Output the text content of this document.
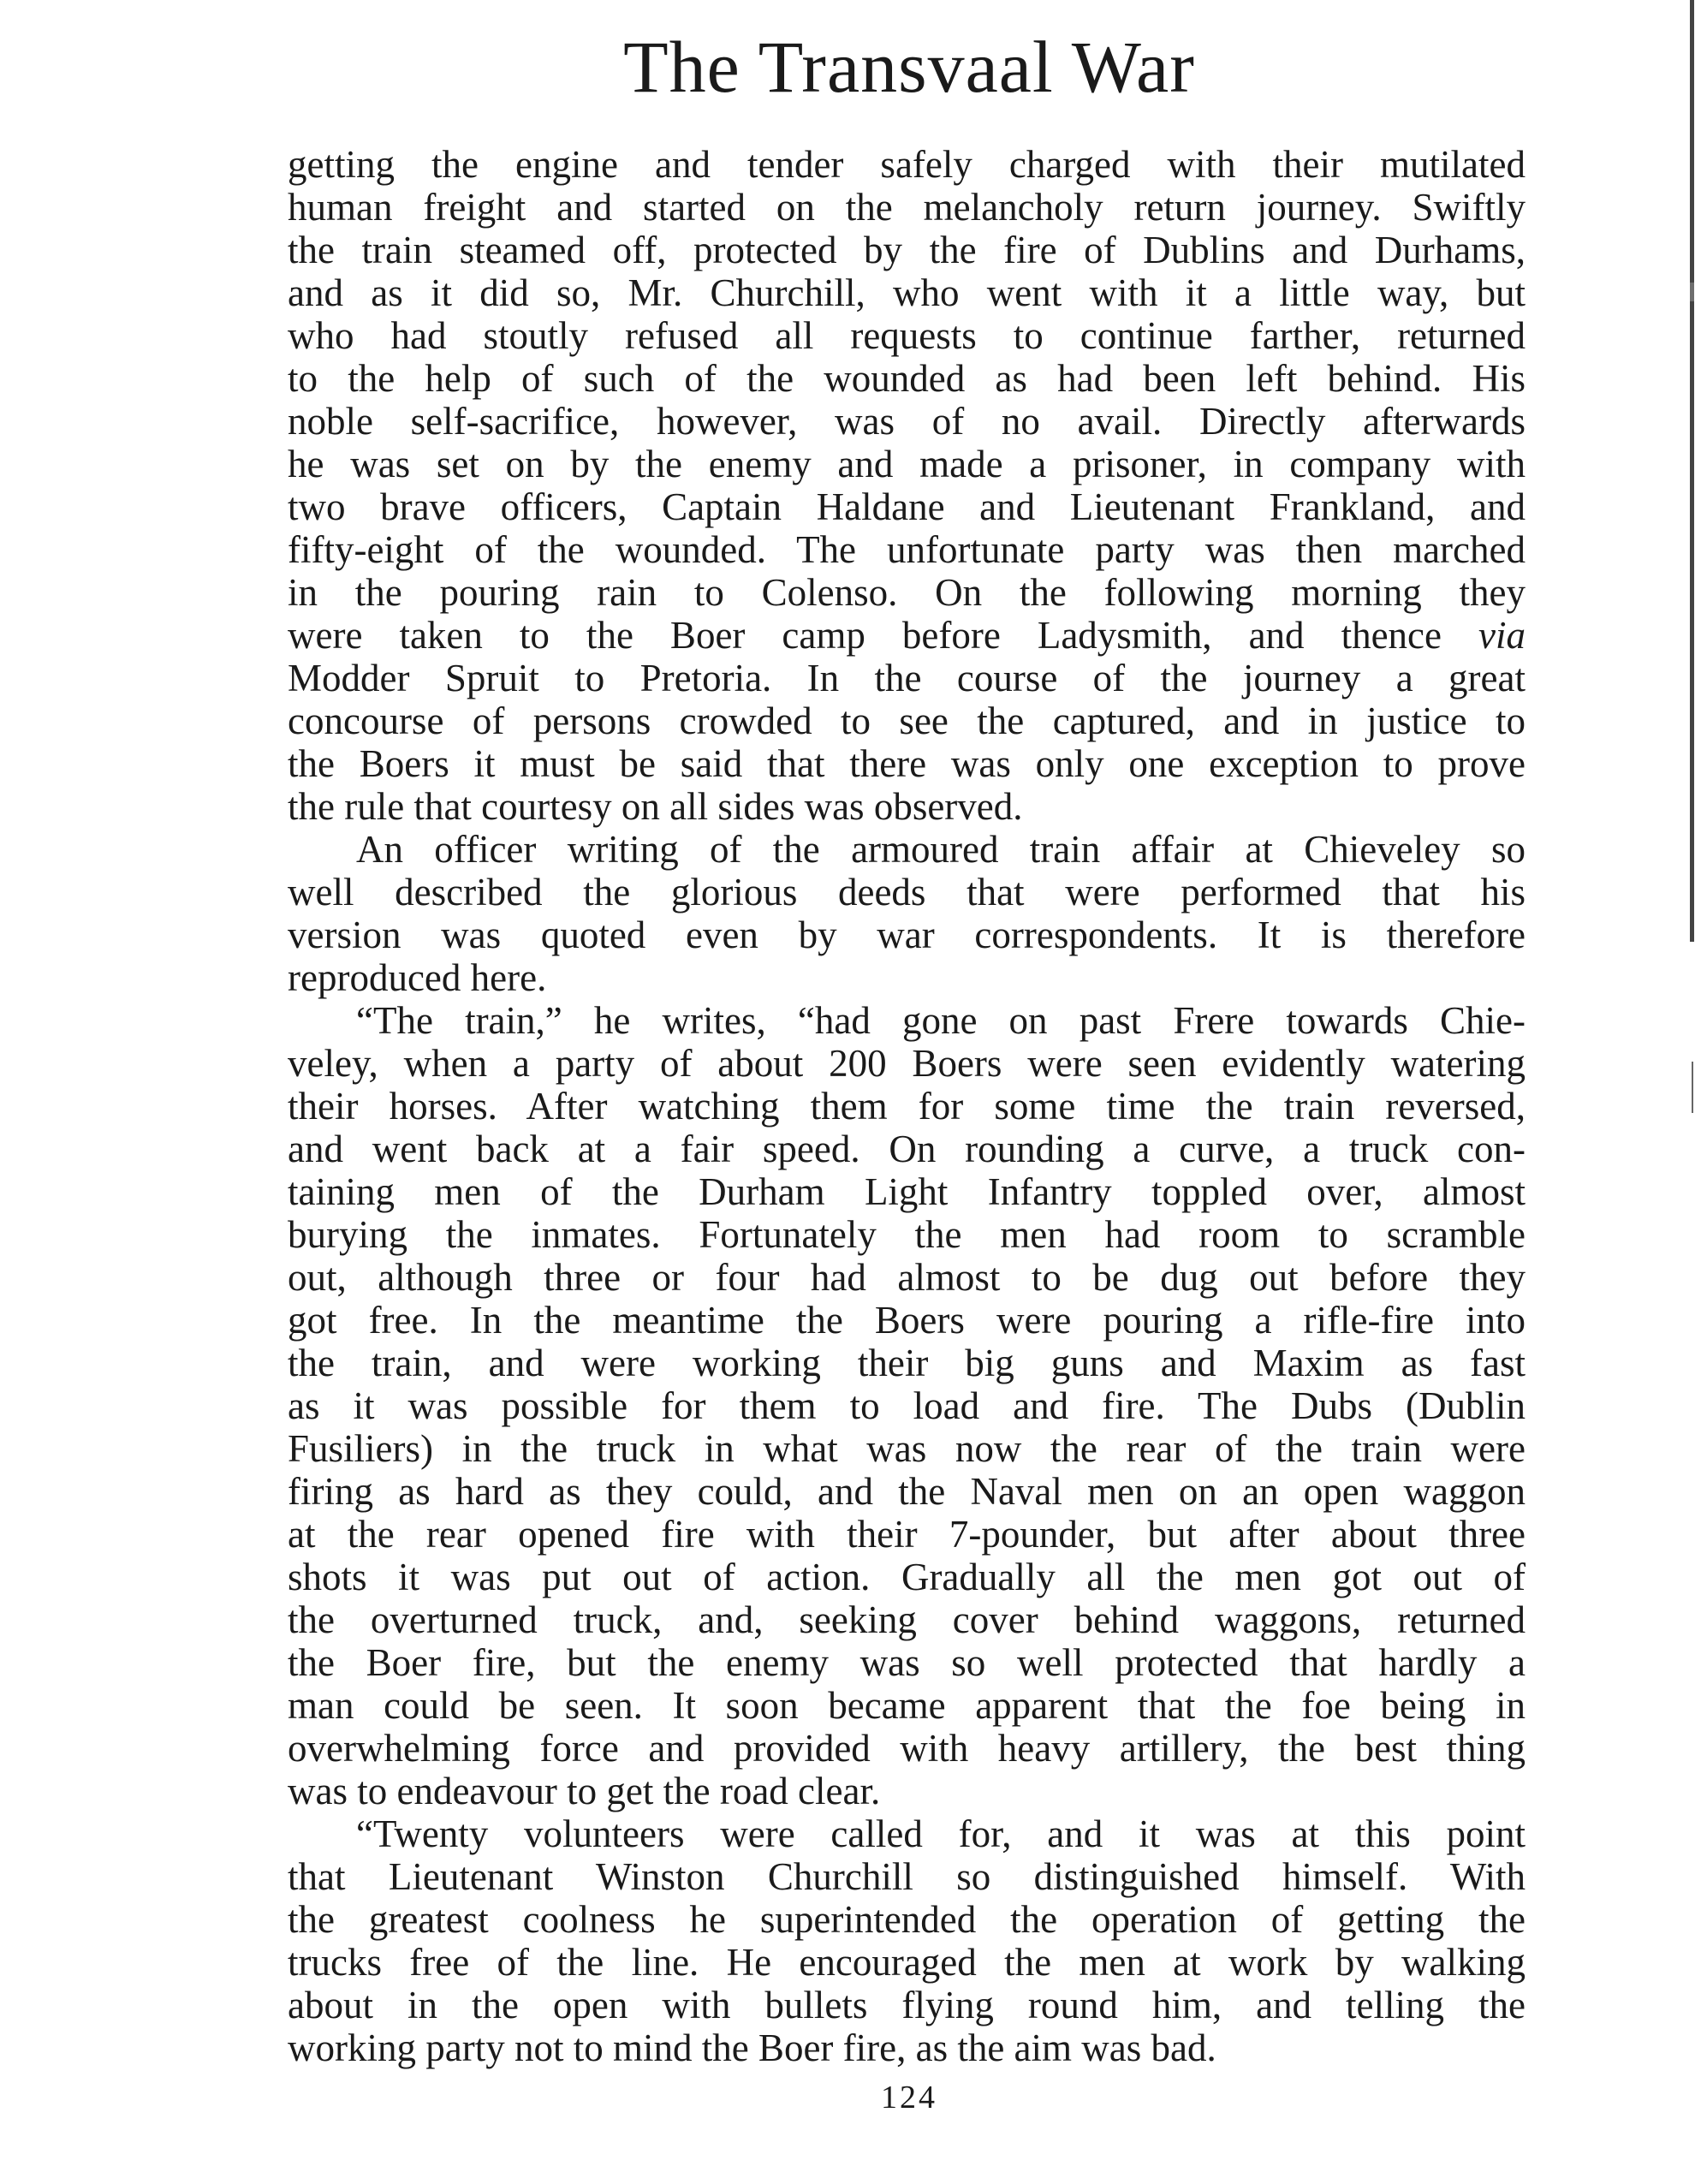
The Transvaal War
getting the engine and tender safely charged with their mutilated
human freight and started on the melancholy return journey. Swiftly
the train steamed off, protected by the fire of Dublins and Durhams,
and as it did so, Mr. Churchill, who went with it a little way, but
who had stoutly refused all requests to continue farther, returned
to the help of such of the wounded as had been left behind. His
noble self-sacrifice, however, was of no avail. Directly afterwards
he was set on by the enemy and made a prisoner, in company with
two brave officers, Captain Haldane and Lieutenant Frankland, and
fifty-eight of the wounded. The unfortunate party was then marched
in the pouring rain to Colenso. On the following morning they
were taken to the Boer camp before Ladysmith, and thence via
Modder Spruit to Pretoria. In the course of the journey a great
concourse of persons crowded to see the captured, and in justice to
the Boers it must be said that there was only one exception to prove
the rule that courtesy on all sides was observed.
An officer writing of the armoured train affair at Chieveley so
well described the glorious deeds that were performed that his
version was quoted even by war correspondents. It is therefore
reproduced here.
“The train,” he writes, “had gone on past Frere towards Chie-
veley, when a party of about 200 Boers were seen evidently watering
their horses. After watching them for some time the train reversed,
and went back at a fair speed. On rounding a curve, a truck con-
taining men of the Durham Light Infantry toppled over, almost
burying the inmates. Fortunately the men had room to scramble
out, although three or four had almost to be dug out before they
got free. In the meantime the Boers were pouring a rifle-fire into
the train, and were working their big guns and Maxim as fast
as it was possible for them to load and fire. The Dubs (Dublin
Fusiliers) in the truck in what was now the rear of the train were
firing as hard as they could, and the Naval men on an open waggon
at the rear opened fire with their 7-pounder, but after about three
shots it was put out of action. Gradually all the men got out of
the overturned truck, and, seeking cover behind waggons, returned
the Boer fire, but the enemy was so well protected that hardly a
man could be seen. It soon became apparent that the foe being in
overwhelming force and provided with heavy artillery, the best thing
was to endeavour to get the road clear.
“Twenty volunteers were called for, and it was at this point
that Lieutenant Winston Churchill so distinguished himself. With
the greatest coolness he superintended the operation of getting the
trucks free of the line. He encouraged the men at work by walking
about in the open with bullets flying round him, and telling the
working party not to mind the Boer fire, as the aim was bad.
124
